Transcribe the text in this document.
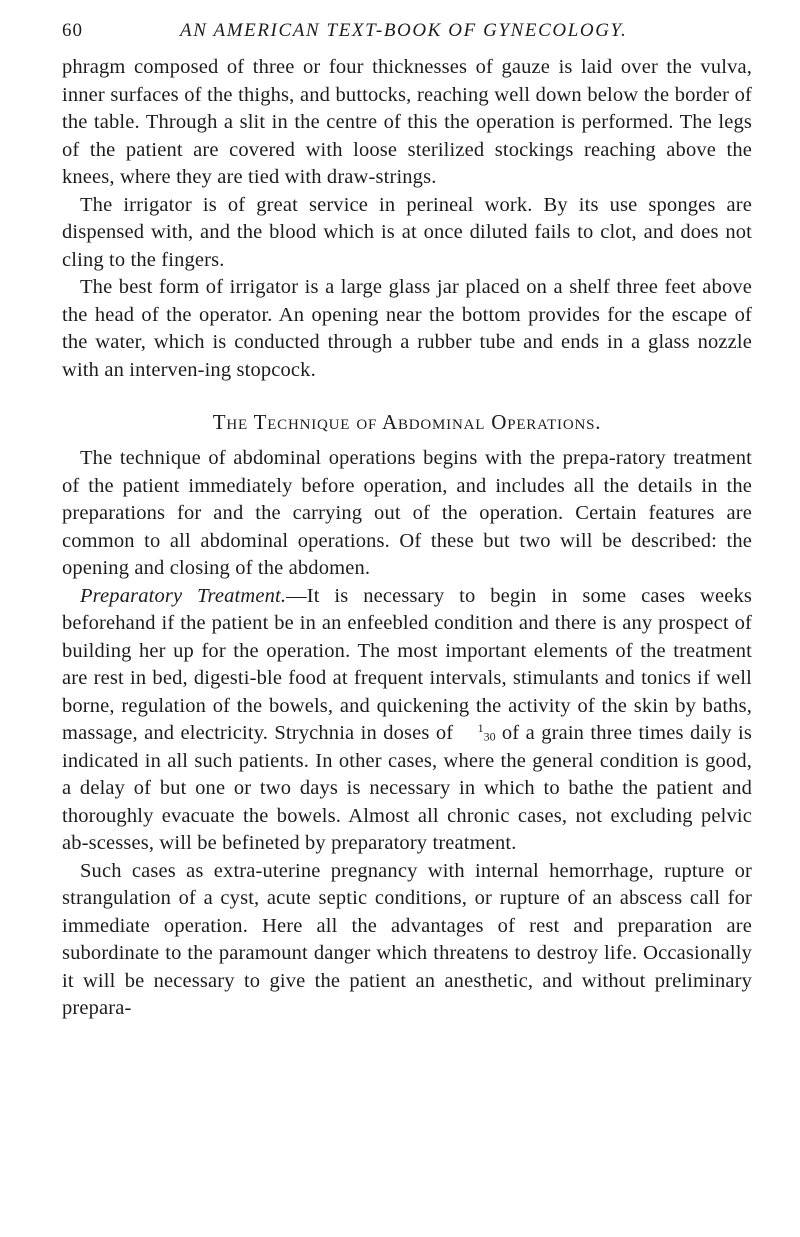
60	AN AMERICAN TEXT-BOOK OF GYNECOLOGY.

phragm composed of three or four thicknesses of gauze is laid over the vulva, inner surfaces of the thighs, and buttocks, reaching well down below the border of the table. Through a slit in the centre of this the operation is performed. The legs of the patient are covered with loose sterilized stockings reaching above the knees, where they are tied with draw-strings.

The irrigator is of great service in perineal work. By its use sponges are dispensed with, and the blood which is at once diluted fails to clot, and does not cling to the fingers.

The best form of irrigator is a large glass jar placed on a shelf three feet above the head of the operator. An opening near the bottom provides for the escape of the water, which is conducted through a rubber tube and ends in a glass nozzle with an interven-ing stopcock.

The Technique of Abdominal Operations.

The technique of abdominal operations begins with the prepa-ratory treatment of the patient immediately before operation, and includes all the details in the preparations for and the carrying out of the operation. Certain features are common to all abdominal operations. Of these but two will be described: the opening and closing of the abdomen.

Preparatory Treatment.—It is necessary to begin in some cases weeks beforehand if the patient be in an enfeebled condition and there is any prospect of building her up for the operation. The most important elements of the treatment are rest in bed, digesti-ble food at frequent intervals, stimulants and tonics if well borne, regulation of the bowels, and quickening the activity of the skin by baths, massage, and electricity. Strychnia in doses of $^1_{30}$ of a grain three times daily is indicated in all such patients. In other cases, where the general condition is good, a delay of but one or two days is necessary in which to bathe the patient and thoroughly evacuate the bowels. Almost all chronic cases, not excluding pelvic ab-scesses, will be befineted by preparatory treatment.

Such cases as extra-uterine pregnancy with internal hemorrhage, rupture or strangulation of a cyst, acute septic conditions, or rupture of an abscess call for immediate operation. Here all the advantages of rest and preparation are subordinate to the paramount danger which threatens to destroy life. Occasionally it will be necessary to give the patient an anesthetic, and without preliminary prepara-
